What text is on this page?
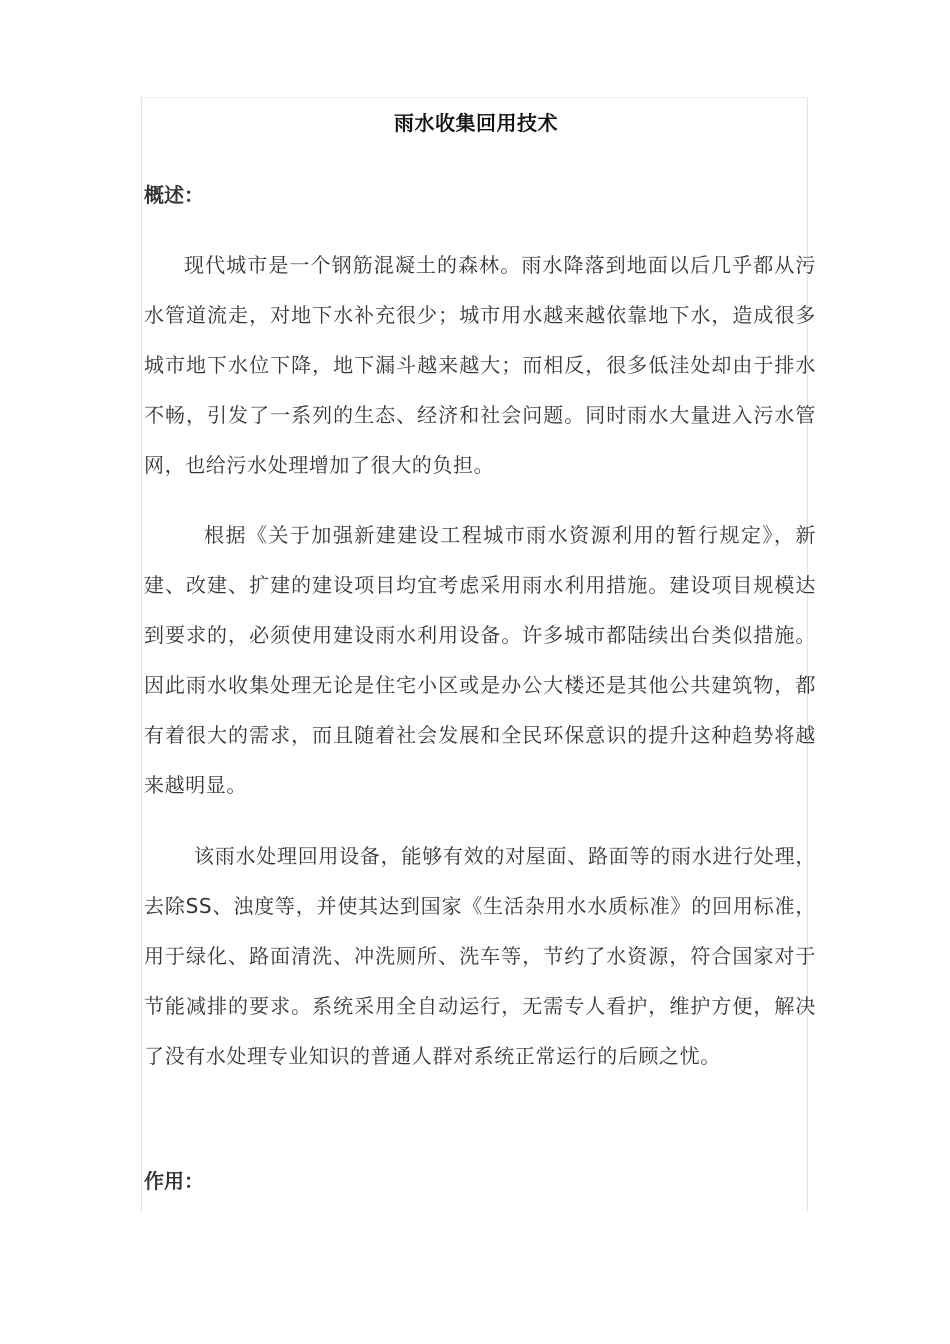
雨水收集回用技术
概述：

现代城市是一个钢筋混凝土的森林。雨水降落到地面以后几乎都从污水管道流走，对地下水补充很少；城市用水越来越依靠地下水，造成很多城市地下水位下降，地下漏斗越来越大；而相反，很多低洼处却由于排水不畅，引发了一系列的生态、经济和社会问题。同时雨水大量进入污水管网，也给污水处理增加了很大的负担。

根据《关于加强新建建设工程城市雨水资源利用的暂行规定》，新建、改建、扩建的建设项目均宜考虑采用雨水利用措施。建设项目规模达到要求的，必须使用建设雨水利用设备。许多城市都陆续出台类似措施。因此雨水收集处理无论是住宅小区或是办公大楼还是其他公共建筑物，都有着很大的需求，而且随着社会发展和全民环保意识的提升这种趋势将越来越明显。

该雨水处理回用设备，能够有效的对屋面、路面等的雨水进行处理，去除SS、浊度等，并使其达到国家《生活杂用水水质标准》的回用标准，用于绿化、路面清洗、冲洗厕所、洗车等，节约了水资源，符合国家对于节能减排的要求。系统采用全自动运行，无需专人看护，维护方便，解决了没有水处理专业知识的普通人群对系统正常运行的后顾之忧。

作用：
